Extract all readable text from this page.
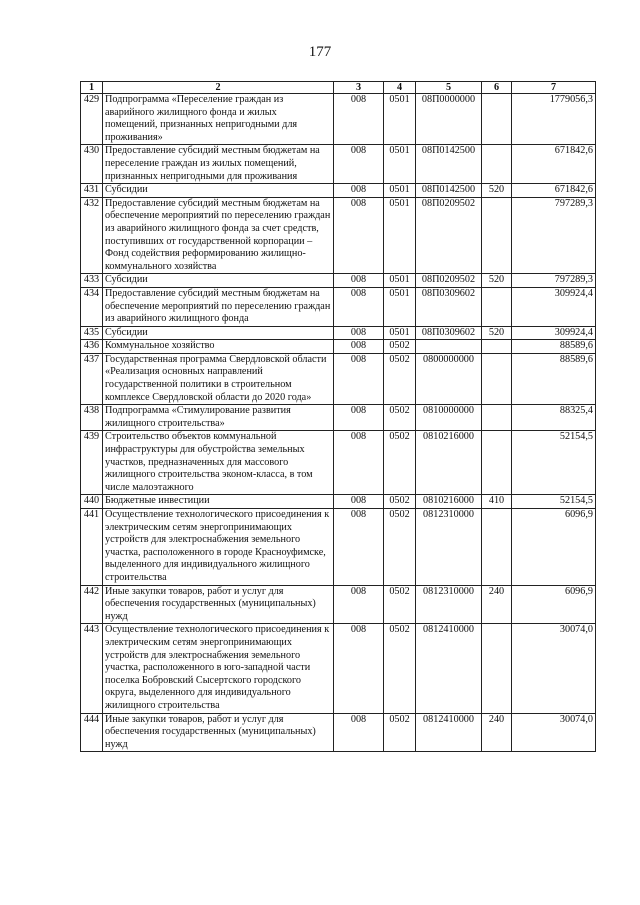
177
1	2	3	4	5	6	7
429	Подпрограмма «Переселение граждан из аварийного жилищного фонда и жилых помещений, признанных непригодными для проживания»	008	0501	08П0000000		1779056,3
430	Предоставление субсидий местным бюджетам на переселение граждан из жилых помещений, признанных непригодными для проживания	008	0501	08П0142500		671842,6
431	Субсидии	008	0501	08П0142500	520	671842,6
432	Предоставление субсидий местным бюджетам на обеспечение мероприятий по переселению граждан из аварийного жилищного фонда за счет средств, поступивших от государственной корпорации – Фонд содействия реформированию жилищно-коммунального хозяйства	008	0501	08П0209502		797289,3
433	Субсидии	008	0501	08П0209502	520	797289,3
434	Предоставление субсидий местным бюджетам на обеспечение мероприятий по переселению граждан из аварийного жилищного фонда	008	0501	08П0309602		309924,4
435	Субсидии	008	0501	08П0309602	520	309924,4
436	Коммунальное хозяйство	008	0502			88589,6
437	Государственная программа Свердловской области «Реализация основных направлений государственной политики в строительном комплексе Свердловской области до 2020 года»	008	0502	0800000000		88589,6
438	Подпрограмма «Стимулирование развития жилищного строительства»	008	0502	0810000000		88325,4
439	Строительство объектов коммунальной инфраструктуры для обустройства земельных участков, предназначенных для массового жилищного строительства эконом-класса, в том числе малоэтажного	008	0502	0810216000		52154,5
440	Бюджетные инвестиции	008	0502	0810216000	410	52154,5
441	Осуществление технологического присоединения к электрическим сетям энергопринимающих устройств для электроснабжения земельного участка, расположенного в городе Красноуфимске, выделенного для индивидуального жилищного строительства	008	0502	0812310000		6096,9
442	Иные закупки товаров, работ и услуг для обеспечения государственных (муниципальных) нужд	008	0502	0812310000	240	6096,9
443	Осуществление технологического присоединения к электрическим сетям энергопринимающих устройств для электроснабжения земельного участка, расположенного в юго-западной части поселка Бобровский Сысертского городского округа, выделенного для индивидуального жилищного строительства	008	0502	0812410000		30074,0
444	Иные закупки товаров, работ и услуг для обеспечения государственных (муниципальных) нужд	008	0502	0812410000	240	30074,0
